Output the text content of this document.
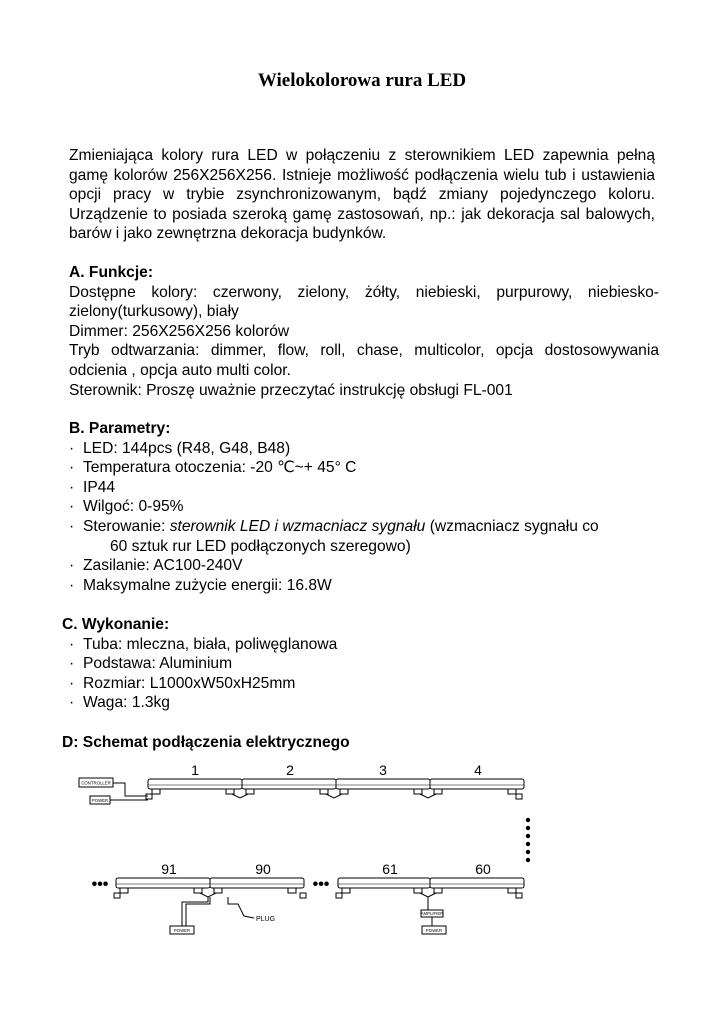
Wielokolorowa rura LED
Zmieniająca kolory rura LED w połączeniu z sterownikiem LED zapewnia pełną gamę kolorów 256X256X256. Istnieje możliwość podłączenia wielu tub i ustawienia opcji pracy w trybie zsynchronizowanym, bądź zmiany pojedynczego koloru. Urządzenie to posiada szeroką gamę zastosowań, np.: jak dekoracja sal balowych, barów i jako zewnętrzna dekoracja budynków.
A. Funkcje:
Dostępne kolory: czerwony, zielony, żółty, niebieski, purpurowy, niebiesko-zielony(turkusowy), biały
Dimmer: 256X256X256 kolorów
Tryb odtwarzania: dimmer, flow, roll, chase, multicolor, opcja dostosowywania odcienia , opcja auto multi color.
Sterownik: Proszę uważnie przeczytać instrukcję obsługi FL-001
B. Parametry:
· LED: 144pcs (R48, G48, B48)
· Temperatura otoczenia: -20 ℃~+ 45° C
· IP44
· Wilgoć: 0-95%
· Sterowanie: sterownik LED i wzmacniacz sygnału (wzmacniacz sygnału co
60 sztuk rur LED podłączonych szeregowo)
· Zasilanie: AC100-240V
· Maksymalne zużycie energii: 16.8W
C. Wykonanie:
· Tuba: mleczna, biała, poliwęglanowa
· Podstawa: Aluminium
· Rozmiar: L1000xW50xH25mm
· Waga: 1.3kg
D: Schemat podłączenia elektrycznego
1	2	3	4
91	90	61	60
•••	•••
CONTROLLER
POWER
POWER
AMPLIFIER
POWER
PLUG
